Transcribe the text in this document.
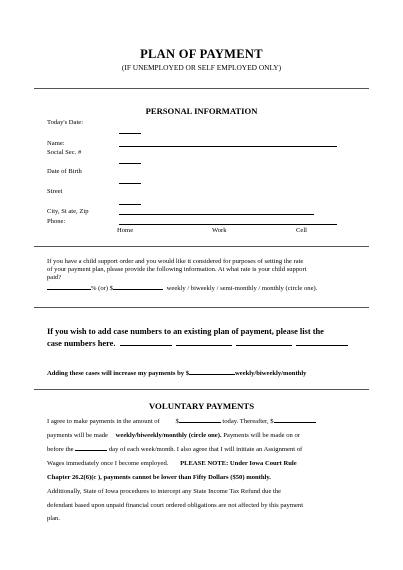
PLAN OF PAYMENT
(IF UNEMPLOYED OR SELF EMPLOYED ONLY)
PERSONAL INFORMATION
Today's Date:
Name:
Social Sec. #
Date of Birth
Street
City, St ate, Zip
Phone:
Home	Work	Cell
If you have a child support order and you would like it considered for purposes of setting the rate
of your payment plan, please provide the following information. At what rate is your child support
paid?
% (or) $	weekly / biweekly / semi-monthly / monthly (circle one).
If you wish to add case numbers to an existing plan of payment, please list the
case numbers here.
Adding these cases will increase my payments by $	weekly/biweekly/monthly
VOLUNTARY PAYMENTS
I agree to make payments in the amount of $	today. Thereafter, $
payments will be made weekly/biweekly/monthly (circle one). Payments will be made on or
before the	day of each week/month. I also agree that I will initiate an Assignment of
Wages immediately once I become employed. PLEASE NOTE: Under Iowa Court Rule
Chapter 26.2(6)(c ), payments cannot be lower than Fifty Dollars ($50) monthly.
Additionally, State of Iowa procedures to intercept any State Income Tax Refund due the
defendant based upon unpaid financial court ordered obligations are not affected by this payment
plan.
